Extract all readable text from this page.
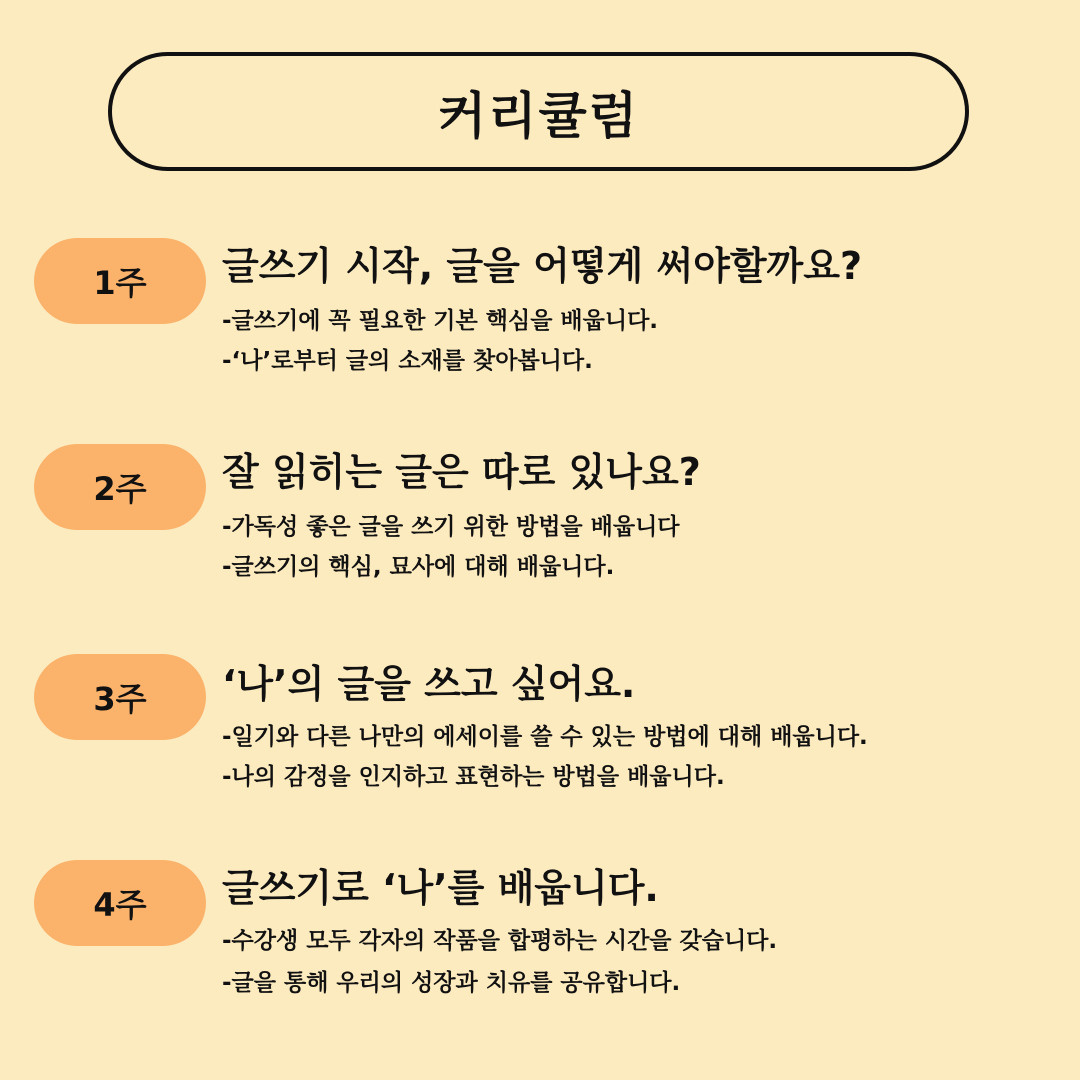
커리큘럼
1주 글쓰기 시작, 글을 어떻게 써야할까요?
-글쓰기에 꼭 필요한 기본 핵심을 배웁니다.
-‘나’로부터 글의 소재를 찾아봅니다.
2주 잘 읽히는 글은 따로 있나요?
-가독성 좋은 글을 쓰기 위한 방법을 배웁니다
-글쓰기의 핵심, 묘사에 대해 배웁니다.
3주 ‘나’의 글을 쓰고 싶어요.
-일기와 다른 나만의 에세이를 쓸 수 있는 방법에 대해 배웁니다.
-나의 감정을 인지하고 표현하는 방법을 배웁니다.
4주 글쓰기로 ‘나’를 배웁니다.
-수강생 모두 각자의 작품을 합평하는 시간을 갖습니다.
-글을 통해 우리의 성장과 치유를 공유합니다.
